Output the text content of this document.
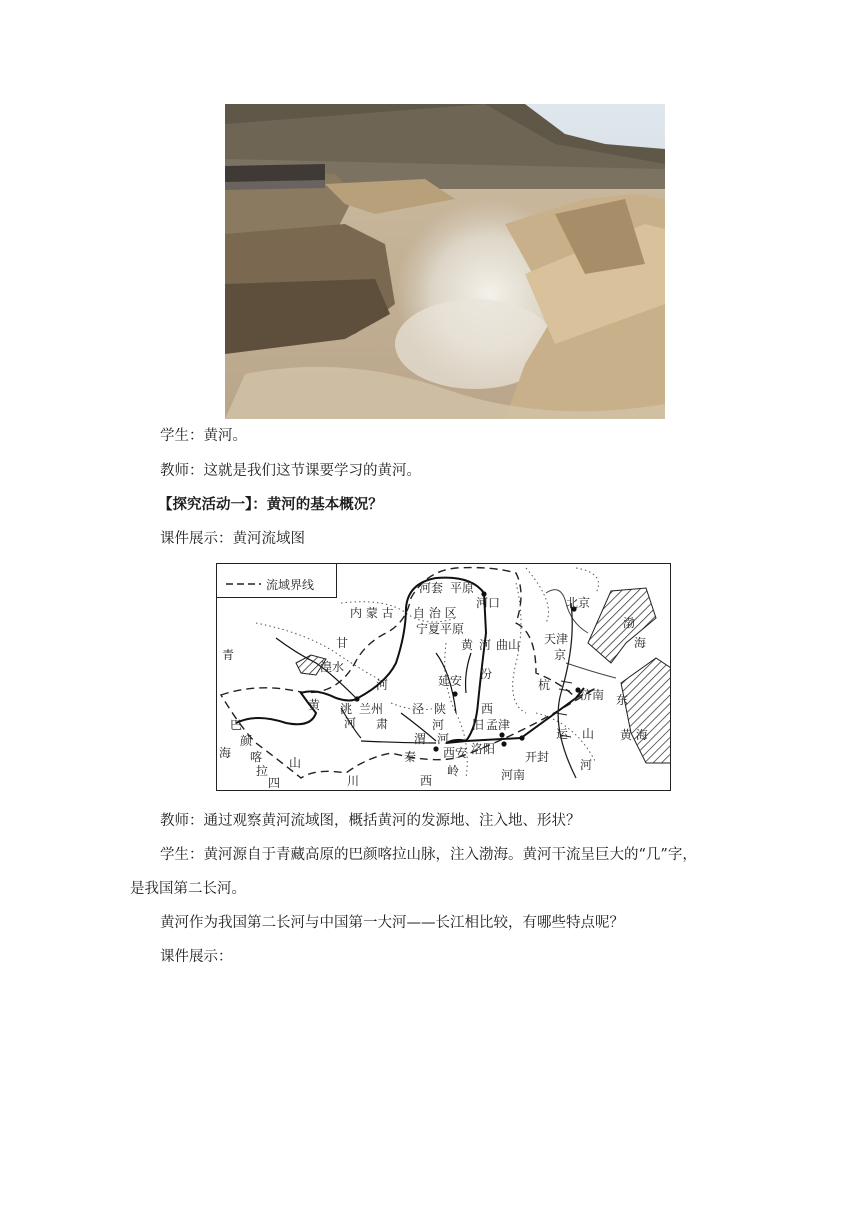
学生：黄河。
教师：这就是我们这节课要学习的黄河。
【探究活动一】：黄河的基本概况？
课件展示：黄河流域图
流域界线	河套 平原
河口
内 蒙 古 自 治 区
宁夏平原
黄 河 曲山
北京
天津
京
渤
海
甘
青
湟水
延安 汾
杭
济南 东
黄
河
兰州
肃
洮
河
泾 陕
河
西
旧 孟津
运 山 黄 海
巴
颜
喀
拉
海
山
渭 河
西安 洛阳
开封
秦
岭
西
川
四
河南
河
教师：通过观察黄河流域图，概括黄河的发源地、注入地、形状？
学生：黄河源自于青藏高原的巴颜喀拉山脉，注入渤海。黄河干流呈巨大的“几”字，
是我国第二长河。
黄河作为我国第二长河与中国第一大河——长江相比较，有哪些特点呢？
课件展示：
